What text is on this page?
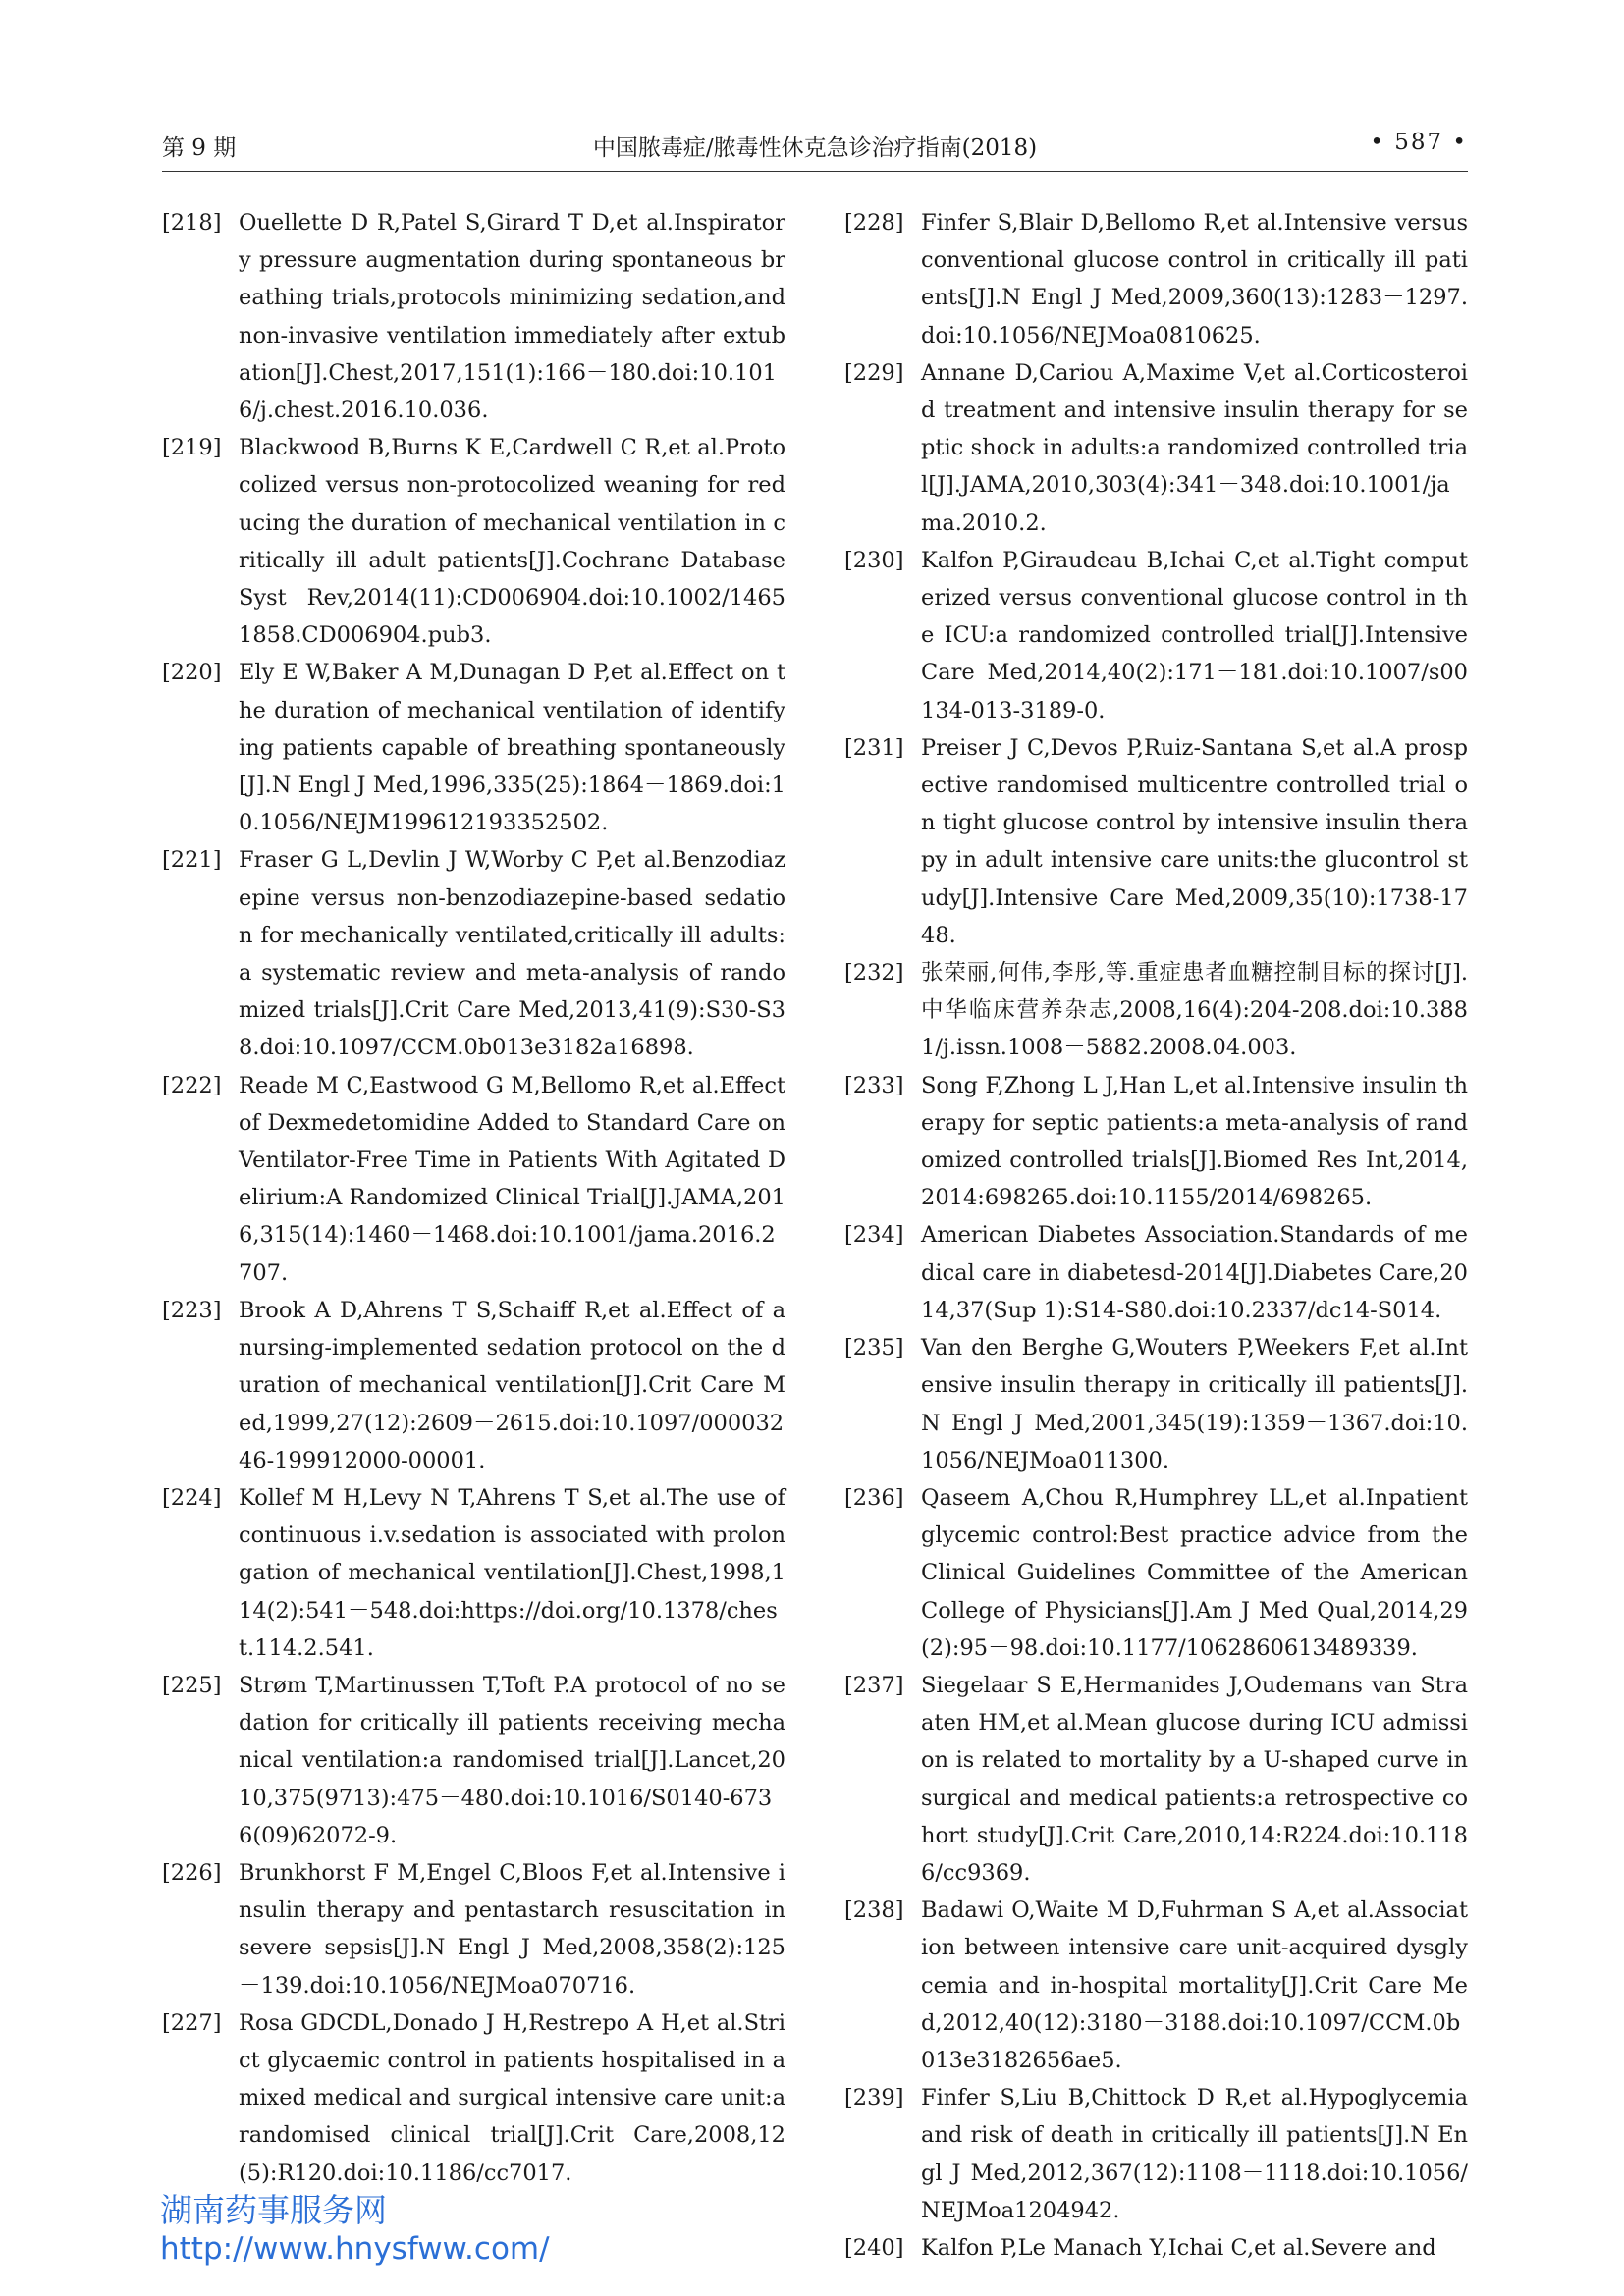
第 9 期	中国脓毒症/脓毒性休克急诊治疗指南(2018)	• 587 •

[218] Ouellette D R,Patel S,Girard T D,et al.Inspiratory pressure augmentation during spontaneous breathing trials,protocols minimizing sedation,and non-invasive ventilation immediately after extubation[J].Chest,2017,151(1):166－180.doi:10.1016/j.chest.2016.10.036.

[219] Blackwood B,Burns K E,Cardwell C R,et al.Protocolized versus non-protocolized weaning for reducing the duration of mechanical ventilation in critically ill adult patients[J].Cochrane Database Syst Rev,2014(11):CD006904.doi:10.1002/14651858.CD006904.pub3.

[220] Ely E W,Baker A M,Dunagan D P,et al.Effect on the duration of mechanical ventilation of identifying patients capable of breathing spontaneously[J].N Engl J Med,1996,335(25):1864－1869.doi:10.1056/NEJM199612193352502.

[221] Fraser G L,Devlin J W,Worby C P,et al.Benzodiazepine versus non-benzodiazepine-based sedation for mechanically ventilated,critically ill adults:a systematic review and meta-analysis of randomized trials[J].Crit Care Med,2013,41(9):S30-S38.doi:10.1097/CCM.0b013e3182a16898.

[222] Reade M C,Eastwood G M,Bellomo R,et al.Effect of Dexmedetomidine Added to Standard Care on Ventilator-Free Time in Patients With Agitated Delirium:A Randomized Clinical Trial[J].JAMA,2016,315(14):1460－1468.doi:10.1001/jama.2016.2707.

[223] Brook A D,Ahrens T S,Schaiff R,et al.Effect of a nursing-implemented sedation protocol on the duration of mechanical ventilation[J].Crit Care Med,1999,27(12):2609－2615.doi:10.1097/00003246-199912000-00001.

[224] Kollef M H,Levy N T,Ahrens T S,et al.The use of continuous i.v.sedation is associated with prolongation of mechanical ventilation[J].Chest,1998,114(2):541－548.doi:https://doi.org/10.1378/chest.114.2.541.

[225] Strøm T,Martinussen T,Toft P.A protocol of no sedation for critically ill patients receiving mechanical ventilation:a randomised trial[J].Lancet,2010,375(9713):475－480.doi:10.1016/S0140-6736(09)62072-9.

[226] Brunkhorst F M,Engel C,Bloos F,et al.Intensive insulin therapy and pentastarch resuscitation in severe sepsis[J].N Engl J Med,2008,358(2):125－139.doi:10.1056/NEJMoa070716.

[227] Rosa GDCDL,Donado J H,Restrepo A H,et al.Strict glycaemic control in patients hospitalised in a mixed medical and surgical intensive care unit:a randomised clinical trial[J].Crit Care,2008,12(5):R120.doi:10.1186/cc7017.

[228] Finfer S,Blair D,Bellomo R,et al.Intensive versus conventional glucose control in critically ill patients[J].N Engl J Med,2009,360(13):1283－1297.doi:10.1056/NEJMoa0810625.

[229] Annane D,Cariou A,Maxime V,et al.Corticosteroid treatment and intensive insulin therapy for septic shock in adults:a randomized controlled trial[J].JAMA,2010,303(4):341－348.doi:10.1001/jama.2010.2.

[230] Kalfon P,Giraudeau B,Ichai C,et al.Tight computerized versus conventional glucose control in the ICU:a randomized controlled trial[J].Intensive Care Med,2014,40(2):171－181.doi:10.1007/s00134-013-3189-0.

[231] Preiser J C,Devos P,Ruiz-Santana S,et al.A prospective randomised multicentre controlled trial on tight glucose control by intensive insulin therapy in adult intensive care units:the glucontrol study[J].Intensive Care Med,2009,35(10):1738-1748.

[232] 张荣丽,何伟,李彤,等.重症患者血糖控制目标的探讨[J].中华临床营养杂志,2008,16(4):204-208.doi:10.3881/j.issn.1008－5882.2008.04.003.

[233] Song F,Zhong L J,Han L,et al.Intensive insulin therapy for septic patients:a meta-analysis of randomized controlled trials[J].Biomed Res Int,2014,2014:698265.doi:10.1155/2014/698265.

[234] American Diabetes Association.Standards of medical care in diabetesd-2014[J].Diabetes Care,2014,37(Sup 1):S14-S80.doi:10.2337/dc14-S014.

[235] Van den Berghe G,Wouters P,Weekers F,et al.Intensive insulin therapy in critically ill patients[J].N Engl J Med,2001,345(19):1359－1367.doi:10.1056/NEJMoa011300.

[236] Qaseem A,Chou R,Humphrey LL,et al.Inpatient glycemic control:Best practice advice from the Clinical Guidelines Committee of the American College of Physicians[J].Am J Med Qual,2014,29(2):95－98.doi:10.1177/1062860613489339.

[237] Siegelaar S E,Hermanides J,Oudemans van Straaten HM,et al.Mean glucose during ICU admission is related to mortality by a U-shaped curve in surgical and medical patients:a retrospective cohort study[J].Crit Care,2010,14:R224.doi:10.1186/cc9369.

[238] Badawi O,Waite M D,Fuhrman S A,et al.Association between intensive care unit-acquired dysglycemia and in-hospital mortality[J].Crit Care Med,2012,40(12):3180－3188.doi:10.1097/CCM.0b013e3182656ae5.

[239] Finfer S,Liu B,Chittock D R,et al.Hypoglycemia and risk of death in critically ill patients[J].N Engl J Med,2012,367(12):1108－1118.doi:10.1056/NEJMoa1204942.

[240] Kalfon P,Le Manach Y,Ichai C,et al.Severe and

湖南药事服务网
http://www.hnysfww.com/
